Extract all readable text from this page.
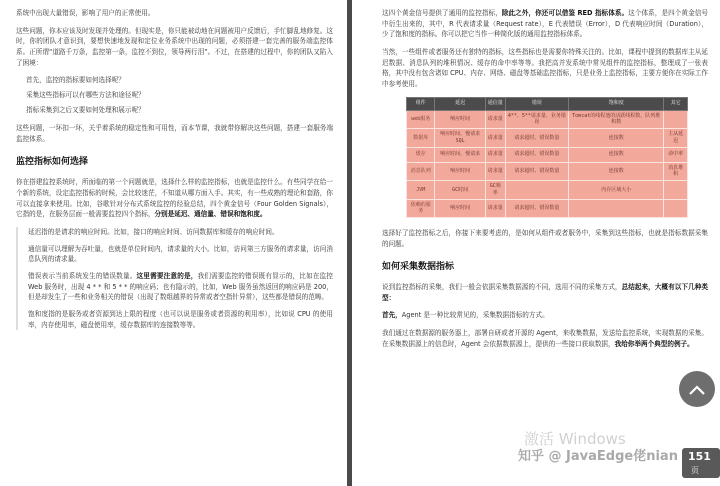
系统中出现大量错误，影响了用户的正常使用。

这些问题，你本应该及时发现并处理的。但现实是，你只能被动地在问题被用户反馈后，手忙脚乱地修复。这时，你的团队才意识到，要想快速地发现和定位业务系统中出现的问题，必须搭建一套完善的服务端监控体系。正所谓“道路千万条，监控第一条，监控不到位，领导两行泪”。不过，在搭建的过程中，你的团队又陷入了困境：

首先，监控的指标要如何选择呢？

采集这些指标可以有哪些方法和途径呢？

指标采集到之后又要如何处理和展示呢？

这些问题，一环扣一环，关乎着系统的稳定性和可用性，而本节课，我就带你解决这些问题，搭建一套服务端监控体系。

监控指标如何选择

你在搭建监控系统时，所面临的第一个问题就是，选择什么样的监控指标，也就是监控什么。有些同学在给一个新的系统，设定监控指标的时候，会比较迷茫，不知道从哪方面入手。其实，有一些成熟的理论和套路，你可以直接拿来使用。比如，谷歌针对分布式系统监控的经验总结，四个黄金信号（Four Golden Signals），它指的是，在服务层面一般需要监控四个指标，分别是延迟、通信量、错误和饱和度。

延迟指的是请求的响应时间。比如，接口的响应时间、访问数据库和缓存的响应时间。

通信量可以理解为吞吐量，也就是单位时间内，请求量的大小。比如，访问第三方服务的请求量，访问消息队列的请求量。

错误表示当前系统发生的错误数量。这里需要注意的是，我们需要监控的错误既有显示的，比如在监控 Web 服务时，出现 4 * * 和 5 * * 的响应码；也有隐示的，比如，Web 服务虽然返回的响应码是 200，但是却发生了一些和业务相关的错误（出现了数组越界的异常或者空指针异常），这些都是错误的范畴。

饱和度指的是服务或者资源到达上限的程度（也可以说是服务或者资源的利用率），比如说 CPU 的使用率，内存使用率，磁盘使用率，缓存数据库的连接数等等。

这四个黄金信号提供了通用的监控指标，除此之外，你还可以借鉴 RED 指标体系。这个体系，是四个黄金信号中衍生出来的，其中，R 代表请求量（Request rate），E 代表错误（Error），D 代表响应时间（Duration），少了饱和度的指标。你可以把它当作一种简化版的通用监控指标体系。

当然，一些组件或者服务还有独特的指标，这些指标也是需要你特殊关注的。比如，课程中提到的数据库主从延迟数据、消息队列的堆积情况、缓存的命中率等等。我把高并发系统中常见组件的监控指标，整理成了一张表格，其中没有包含诸如 CPU、内存、网络、磁盘等基础监控指标，只是业务上监控指标，主要方便你在实际工作中参考使用。

组件	延迟	通信量	错误	饱和度	其它
web服务	响应时间	请求量	4**、5**请求量、业务错误	Tomcat的线程池的活跃线程数、队列堆积数	
数据库	响应时间、慢请求SQL	请求量	请求超时、错误数量	连接数	主从延迟
缓存	响应时间、慢请求	请求量	请求超时、错误数量	连接数	命中率
消息队列	响应时间	请求量	请求超时、错误数量	连接数	消息堆积
JVM	GC时间	GC频率		内存区域大小	
依赖的服务	响应时间	请求量	请求超时、错误数量		

选择好了监控指标之后，你接下来要考虑的，是如何从组件或者服务中，采集到这些指标，也就是指标数据采集的问题。

如何采集数据指标

说到监控指标的采集，我们一般会依据采集数据源的不同，选用不同的采集方式，总结起来，大概有以下几种类型：

首先，Agent 是一种比较常见的，采集数据指标的方式。

我们通过在数据源的服务器上，部署自研或者开源的 Agent，来收集数据，发送给监控系统，实现数据的采集。在采集数据源上的信息时，Agent 会依据数据源上，提供的一些接口获取数据，我给你举两个典型的例子。

激活 Windows
知乎 @ JavaEdge佬nian 151 页
